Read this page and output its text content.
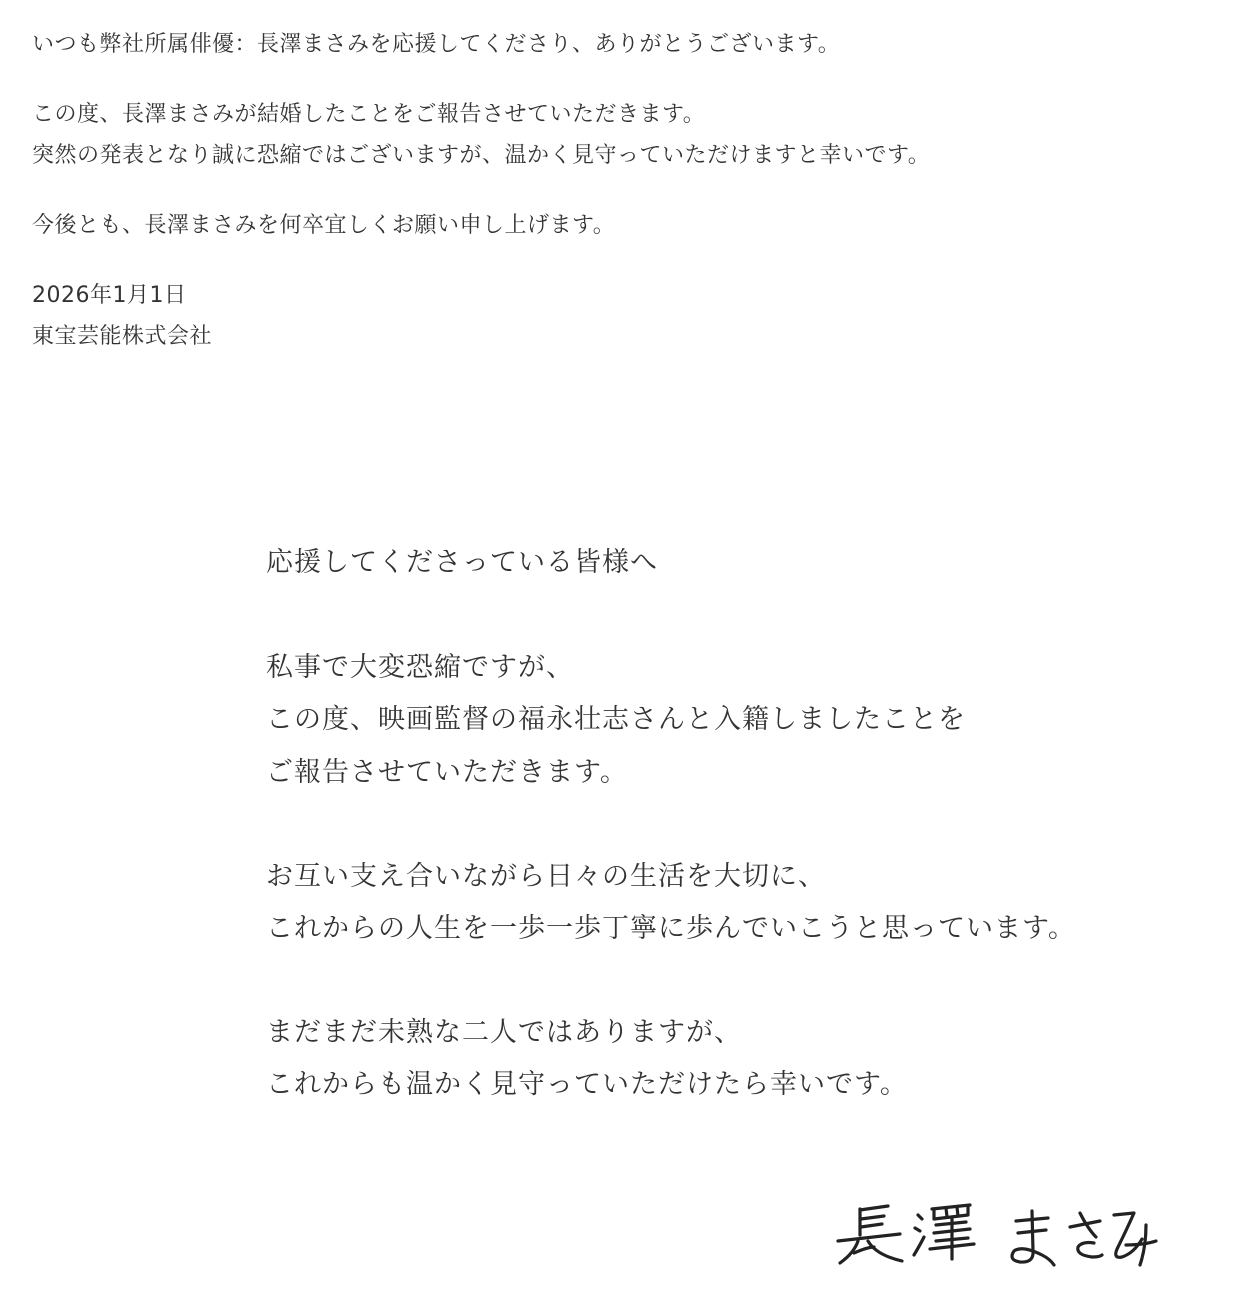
いつも弊社所属俳優：長澤まさみを応援してくださり、ありがとうございます。

この度、長澤まさみが結婚したことをご報告させていただきます。
突然の発表となり誠に恐縮ではございますが、温かく見守っていただけますと幸いです。

今後とも、長澤まさみを何卒宜しくお願い申し上げます。

2026年1月1日
東宝芸能株式会社

応援してくださっている皆様へ
私事で大変恐縮ですが、
この度、映画監督の福永壮志さんと入籍しましたことを
ご報告させていただきます。
お互い支え合いながら日々の生活を大切に、
これからの人生を一歩一歩丁寧に歩んでいこうと思っています。
まだまだ未熟な二人ではありますが、
これからも温かく見守っていただけたら幸いです。
